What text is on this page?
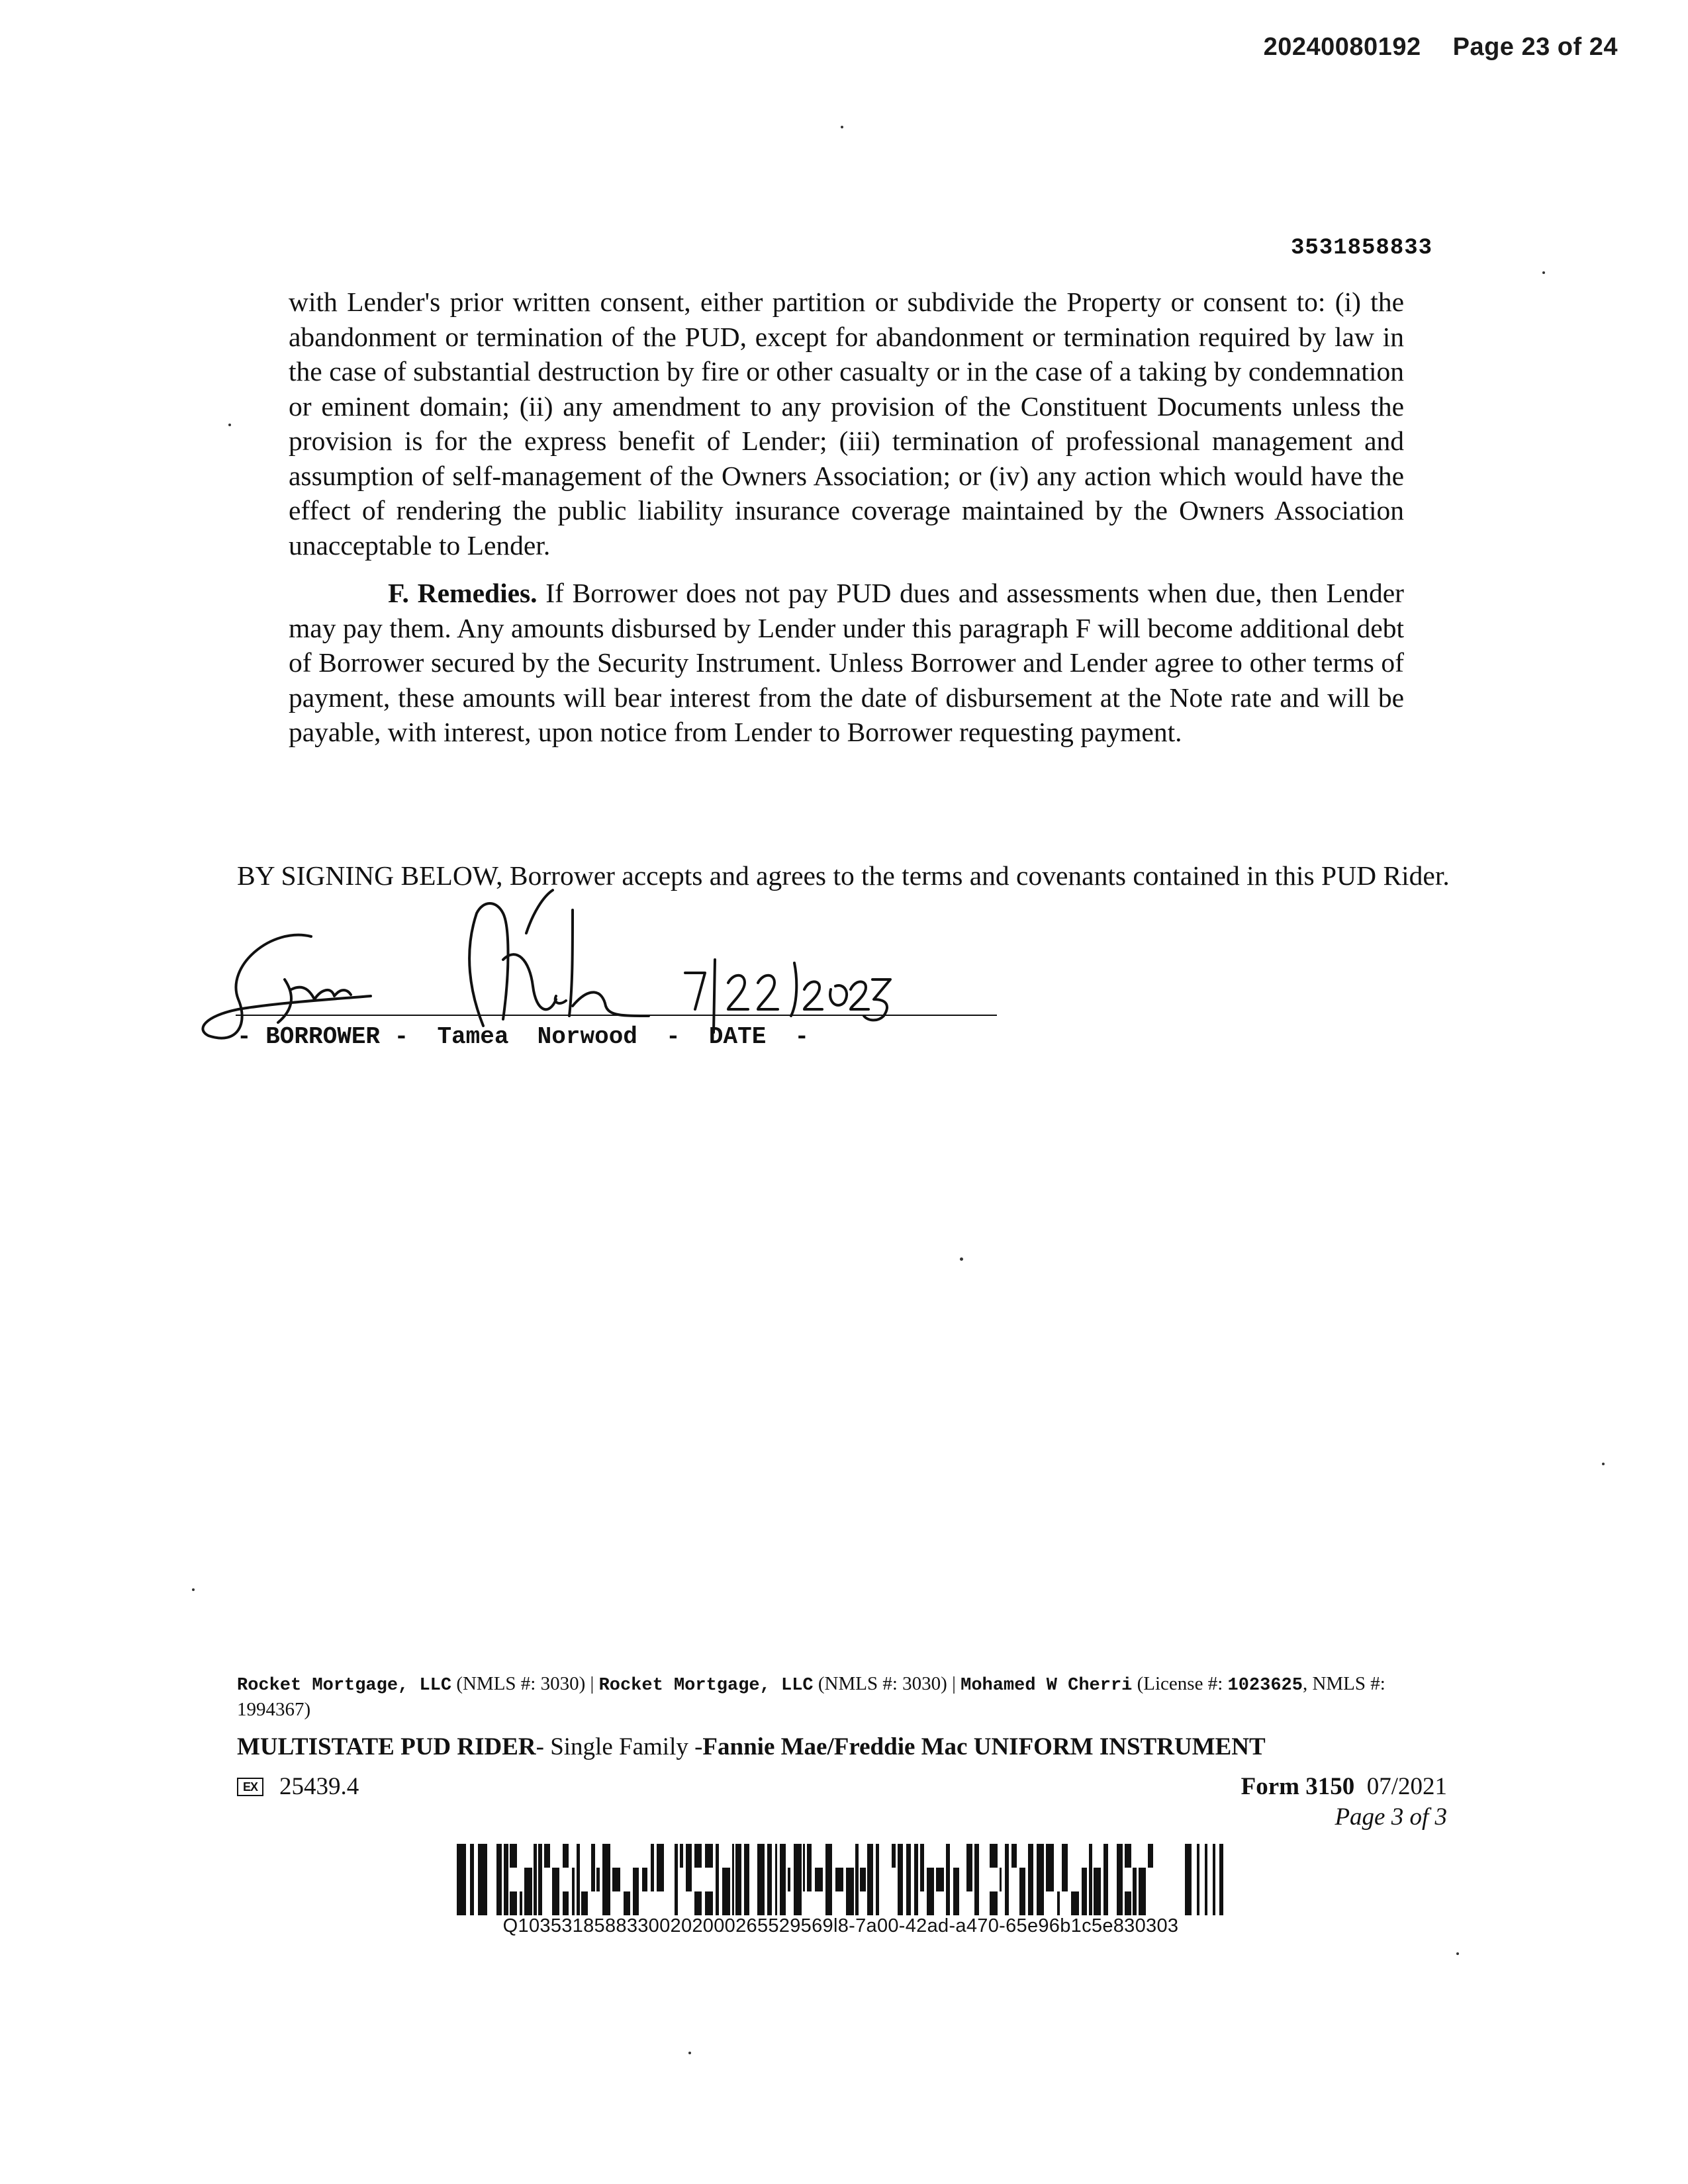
20240080192 Page 23 of 24
3531858833
with Lender's prior written consent, either partition or subdivide the Property or consent to: (i) the abandonment or termination of the PUD, except for abandonment or termination required by law in the case of substantial destruction by fire or other casualty or in the case of a taking by condemnation or eminent domain; (ii) any amendment to any provision of the Constituent Documents unless the provision is for the express benefit of Lender; (iii) termination of professional management and assumption of self-management of the Owners Association; or (iv) any action which would have the effect of rendering the public liability insurance coverage maintained by the Owners Association unacceptable to Lender.
F. Remedies. If Borrower does not pay PUD dues and assessments when due, then Lender may pay them. Any amounts disbursed by Lender under this paragraph F will become additional debt of Borrower secured by the Security Instrument. Unless Borrower and Lender agree to other terms of payment, these amounts will bear interest from the date of disbursement at the Note rate and will be payable, with interest, upon notice from Lender to Borrower requesting payment.
BY SIGNING BELOW, Borrower accepts and agrees to the terms and covenants contained in this PUD Rider.
- BORROWER -  Tamea  Norwood  -  DATE  -
Rocket Mortgage, LLC (NMLS #: 3030) | Rocket Mortgage, LLC (NMLS #: 3030) | Mohamed W Cherri (License #: 1023625, NMLS #: 1994367)
MULTISTATE PUD RIDER- Single Family -Fannie Mae/Freddie Mac UNIFORM INSTRUMENT
EX 25439.4	Form 3150 07/2021
Page 3 of 3
Q10353185883300202000265529569l8-7a00-42ad-a470-65e96b1c5e830303
